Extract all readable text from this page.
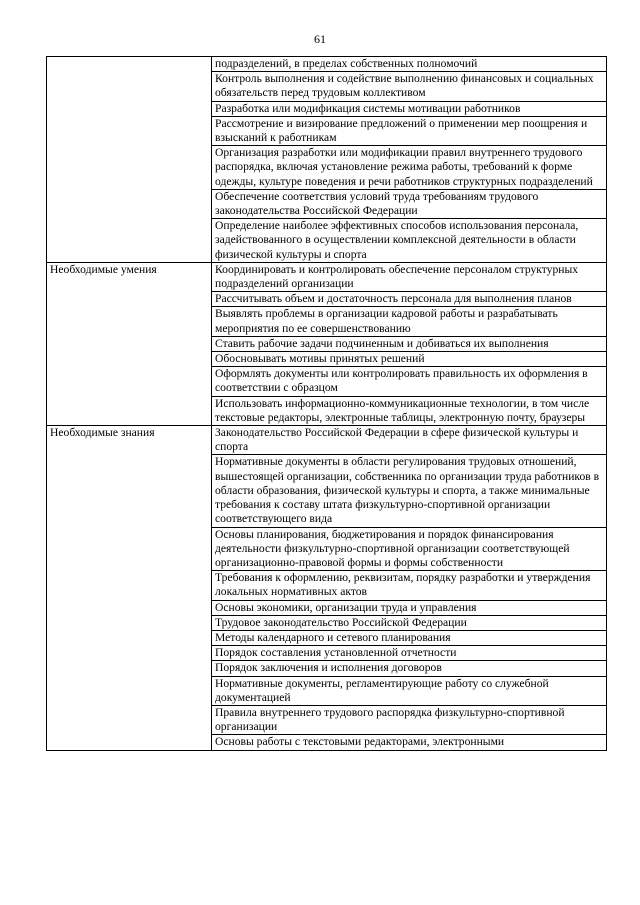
61
	подразделений, в пределах собственных полномочий
	Контроль выполнения и содействие выполнению финансовых и социальных обязательств перед трудовым коллективом
	Разработка или модификация системы мотивации работников
	Рассмотрение и визирование предложений о применении мер поощрения и взысканий к работникам
	Организация разработки или модификации правил внутреннего трудового распорядка, включая установление режима работы, требований к форме одежды, культуре поведения и речи работников структурных подразделений
	Обеспечение соответствия условий труда требованиям трудового законодательства Российской Федерации
	Определение наиболее эффективных способов использования персонала, задействованного в осуществлении комплексной деятельности в области физической культуры и спорта
Необходимые умения	Координировать и контролировать обеспечение персоналом структурных подразделений организации
	Рассчитывать объем и достаточность персонала для выполнения планов
	Выявлять проблемы в организации кадровой работы и разрабатывать мероприятия по ее совершенствованию
	Ставить рабочие задачи подчиненным и добиваться их выполнения
	Обосновывать мотивы принятых решений
	Оформлять документы или контролировать правильность их оформления в соответствии с образцом
	Использовать информационно-коммуникационные технологии, в том числе текстовые редакторы, электронные таблицы, электронную почту, браузеры
Необходимые знания	Законодательство Российской Федерации в сфере физической культуры и спорта
	Нормативные документы в области регулирования трудовых отношений, вышестоящей организации, собственника по организации труда работников в области образования, физической культуры и спорта, а также минимальные требования к составу штата физкультурно-спортивной организации соответствующего вида
	Основы планирования, бюджетирования и порядок финансирования деятельности физкультурно-спортивной организации соответствующей организационно-правовой формы и формы собственности
	Требования к оформлению, реквизитам, порядку разработки и утверждения локальных нормативных актов
	Основы экономики, организации труда и управления
	Трудовое законодательство Российской Федерации
	Методы календарного и сетевого планирования
	Порядок составления установленной отчетности
	Порядок заключения и исполнения договоров
	Нормативные документы, регламентирующие работу со служебной документацией
	Правила внутреннего трудового распорядка физкультурно-спортивной организации
	Основы работы с текстовыми редакторами, электронными
